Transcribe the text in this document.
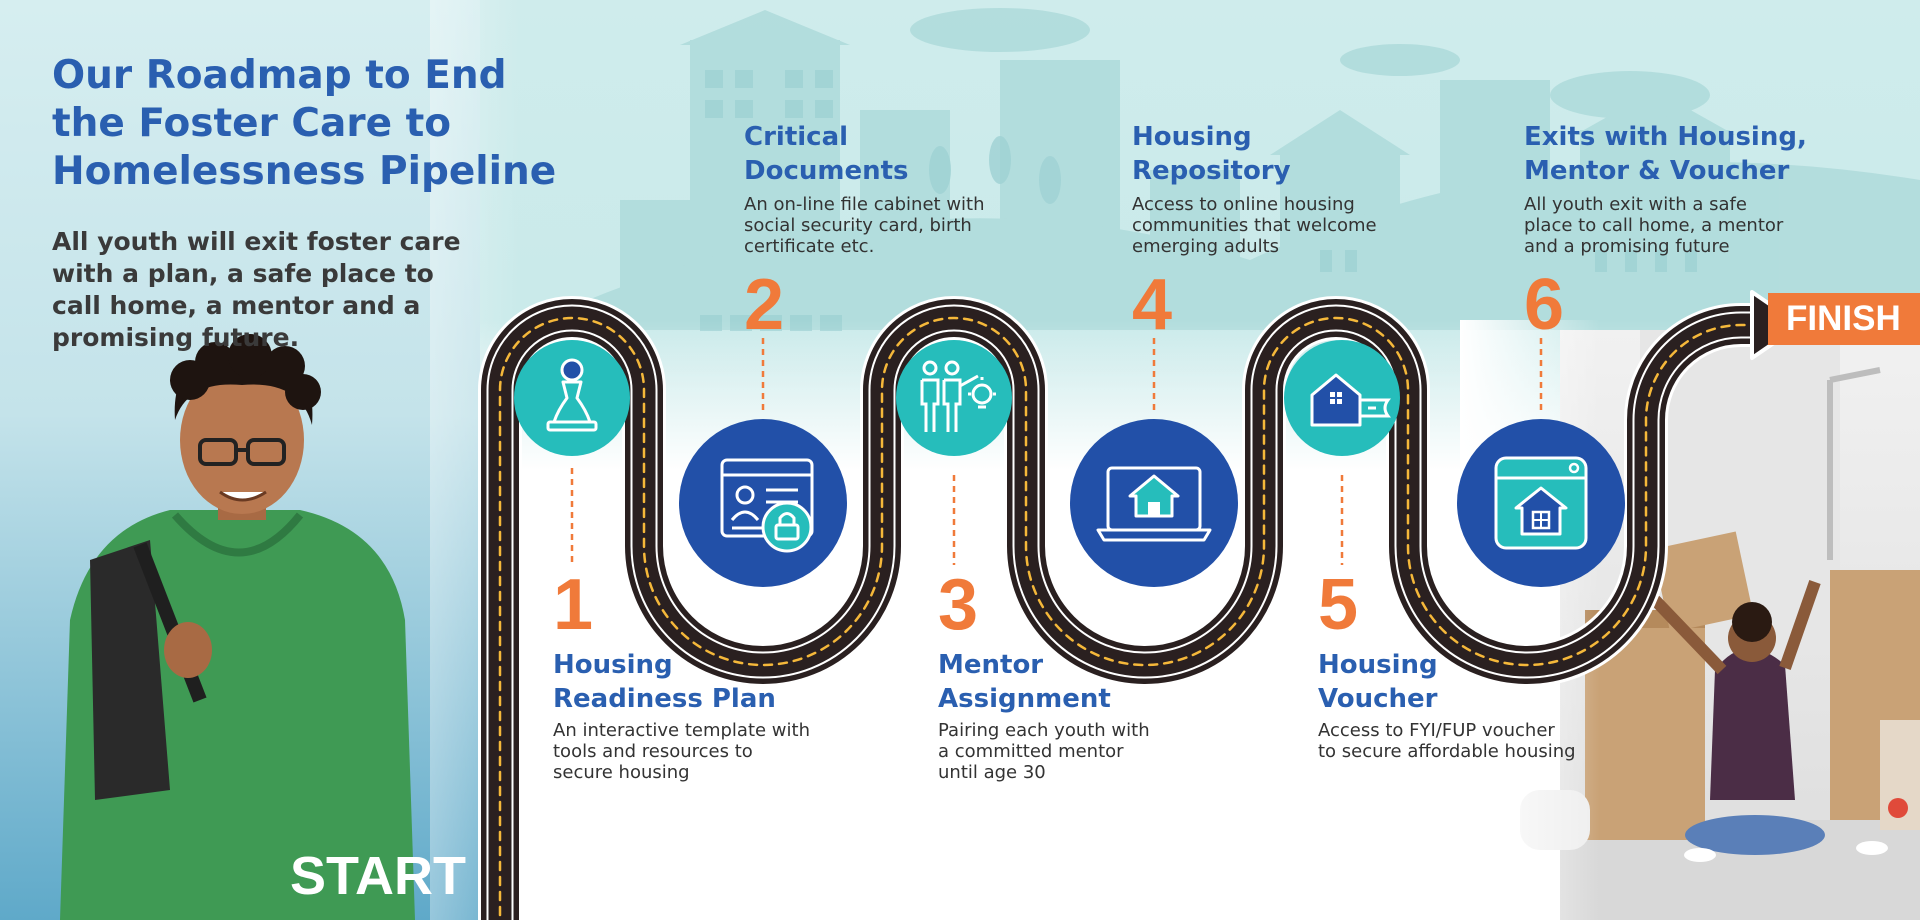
Our Roadmap to End the Foster Care to Homelessness Pipeline

All youth will exit foster care with a plan, a safe place to call home, a mentor and a promising future.

START
FINISH
1
Housing
Readiness Plan
An interactive template with
tools and resources to
secure housing
Critical
Documents
An on-line file cabinet with
social security card, birth
certificate etc.
2
3
Mentor
Assignment
Pairing each youth with
a committed mentor
until age 30
Housing
Repository
Access to online housing
communities that welcome
emerging adults
4
5
Housing
Voucher
Access to FYI/FUP voucher
to secure affordable housing
Exits with Housing,
Mentor & Voucher
All youth exit with a safe
place to call home, a mentor
and a promising future
6
